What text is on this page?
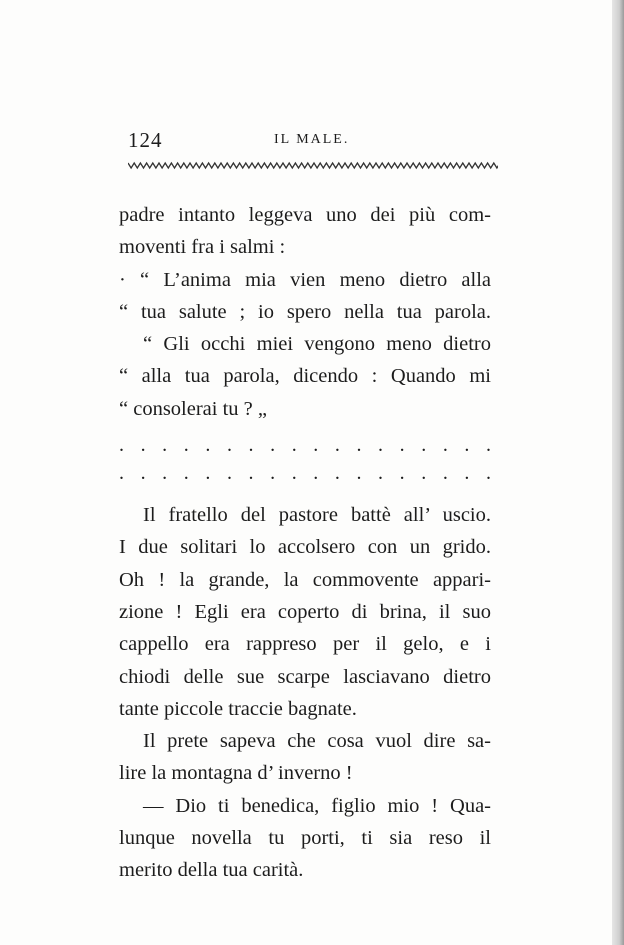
124	IL MALE.
padre intanto leggeva uno dei più com-
moventi fra i salmi :
· “ L’anima mia vien meno dietro alla
“ tua salute ; io spero nella tua parola.
“ Gli occhi miei vengono meno dietro
“ alla tua parola, dicendo : Quando mi
“ consolerai tu ? „
. . . . . . . . . . . . . . . . . .
. . . . . . . . . . . . . . . . . .
Il fratello del pastore battè all’ uscio.
I due solitari lo accolsero con un grido.
Oh ! la grande, la commovente appari-
zione ! Egli era coperto di brina, il suo
cappello era rappreso per il gelo, e i
chiodi delle sue scarpe lasciavano dietro
tante piccole traccie bagnate.
Il prete sapeva che cosa vuol dire sa-
lire la montagna d’ inverno !
— Dio ti benedica, figlio mio ! Qua-
lunque novella tu porti, ti sia reso il
merito della tua carità.
